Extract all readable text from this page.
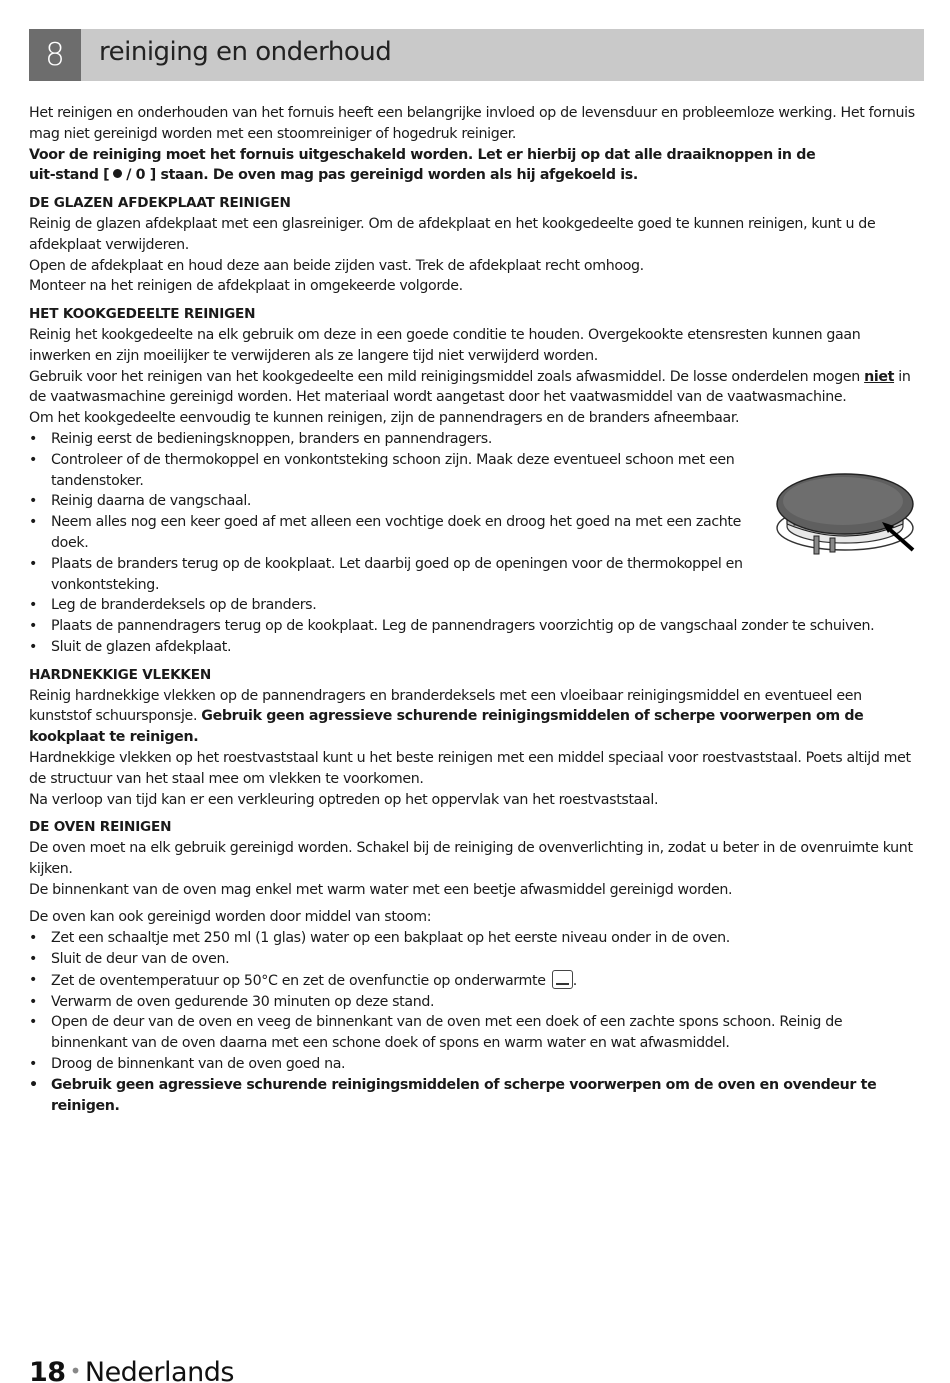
8	reiniging en onderhoud

Het reinigen en onderhouden van het fornuis heeft een belangrijke invloed op de levensduur en probleemloze werking. Het fornuis mag niet gereinigd worden met een stoomreiniger of hogedruk reiniger.

Voor de reiniging moet het fornuis uitgeschakeld worden. Let er hierbij op dat alle draaiknoppen in de
uit-stand [ / 0 ] staan. De oven mag pas gereinigd worden als hij afgekoeld is.

DE GLAZEN AFDEKPLAAT REINIGEN

Reinig de glazen afdekplaat met een glasreiniger. Om de afdekplaat en het kookgedeelte goed te kunnen reinigen, kunt u de afdekplaat verwijderen.

Open de afdekplaat en houd deze aan beide zijden vast. Trek de afdekplaat recht omhoog.

Monteer na het reinigen de afdekplaat in omgekeerde volgorde.

HET KOOKGEDEELTE REINIGEN

Reinig het kookgedeelte na elk gebruik om deze in een goede conditie te houden. Overgekookte etensresten kunnen gaan inwerken en zijn moeilijker te verwijderen als ze langere tijd niet verwijderd worden.

Gebruik voor het reinigen van het kookgedeelte een mild reinigingsmiddel zoals afwasmiddel. De losse onderdelen mogen niet in de vaatwasmachine gereinigd worden. Het materiaal wordt aangetast door het vaatwasmiddel van de vaatwasmachine.

Om het kookgedeelte eenvoudig te kunnen reinigen, zijn de pannendragers en de branders afneembaar.

• Reinig eerst de bedieningsknoppen, branders en pannendragers.
• Controleer of de thermokoppel en vonkontsteking schoon zijn. Maak deze eventueel schoon met een tandenstoker.
• Reinig daarna de vangschaal.
• Neem alles nog een keer goed af met alleen een vochtige doek en droog het goed na met een zachte doek.
• Plaats de branders terug op de kookplaat. Let daarbij goed op de openingen voor de thermokoppel en vonkontsteking.
• Leg de branderdeksels op de branders.
• Plaats de pannendragers terug op de kookplaat. Leg de pannendragers voorzichtig op de vangschaal zonder te schuiven.
• Sluit de glazen afdekplaat.
HARDNEKKIGE VLEKKEN

Reinig hardnekkige vlekken op de pannendragers en branderdeksels met een vloeibaar reinigingsmiddel en eventueel een kunststof schuursponsje. Gebruik geen agressieve schurende reinigingsmiddelen of scherpe voorwerpen om de kookplaat te reinigen.

Hardnekkige vlekken op het roestvaststaal kunt u het beste reinigen met een middel speciaal voor roestvaststaal. Poets altijd met de structuur van het staal mee om vlekken te voorkomen.

Na verloop van tijd kan er een verkleuring optreden op het oppervlak van het roestvaststaal.

DE OVEN REINIGEN

De oven moet na elk gebruik gereinigd worden. Schakel bij de reiniging de ovenverlichting in, zodat u beter in de ovenruimte kunt kijken.

De binnenkant van de oven mag enkel met warm water met een beetje afwasmiddel gereinigd worden.

De oven kan ook gereinigd worden door middel van stoom:

• Zet een schaaltje met 250 ml (1 glas) water op een bakplaat op het eerste niveau onder in de oven.
• Sluit de deur van de oven.
• Zet de oventemperatuur op 50°C en zet de ovenfunctie op onderwarmte .
• Verwarm de oven gedurende 30 minuten op deze stand.
• Open de deur van de oven en veeg de binnenkant van de oven met een doek of een zachte spons schoon. Reinig de binnenkant van de oven daarna met een schone doek of spons en warm water en wat afwasmiddel.
• Droog de binnenkant van de oven goed na.
• Gebruik geen agressieve schurende reinigingsmiddelen of scherpe voorwerpen om de oven en ovendeur te reinigen.
18 • Nederlands
